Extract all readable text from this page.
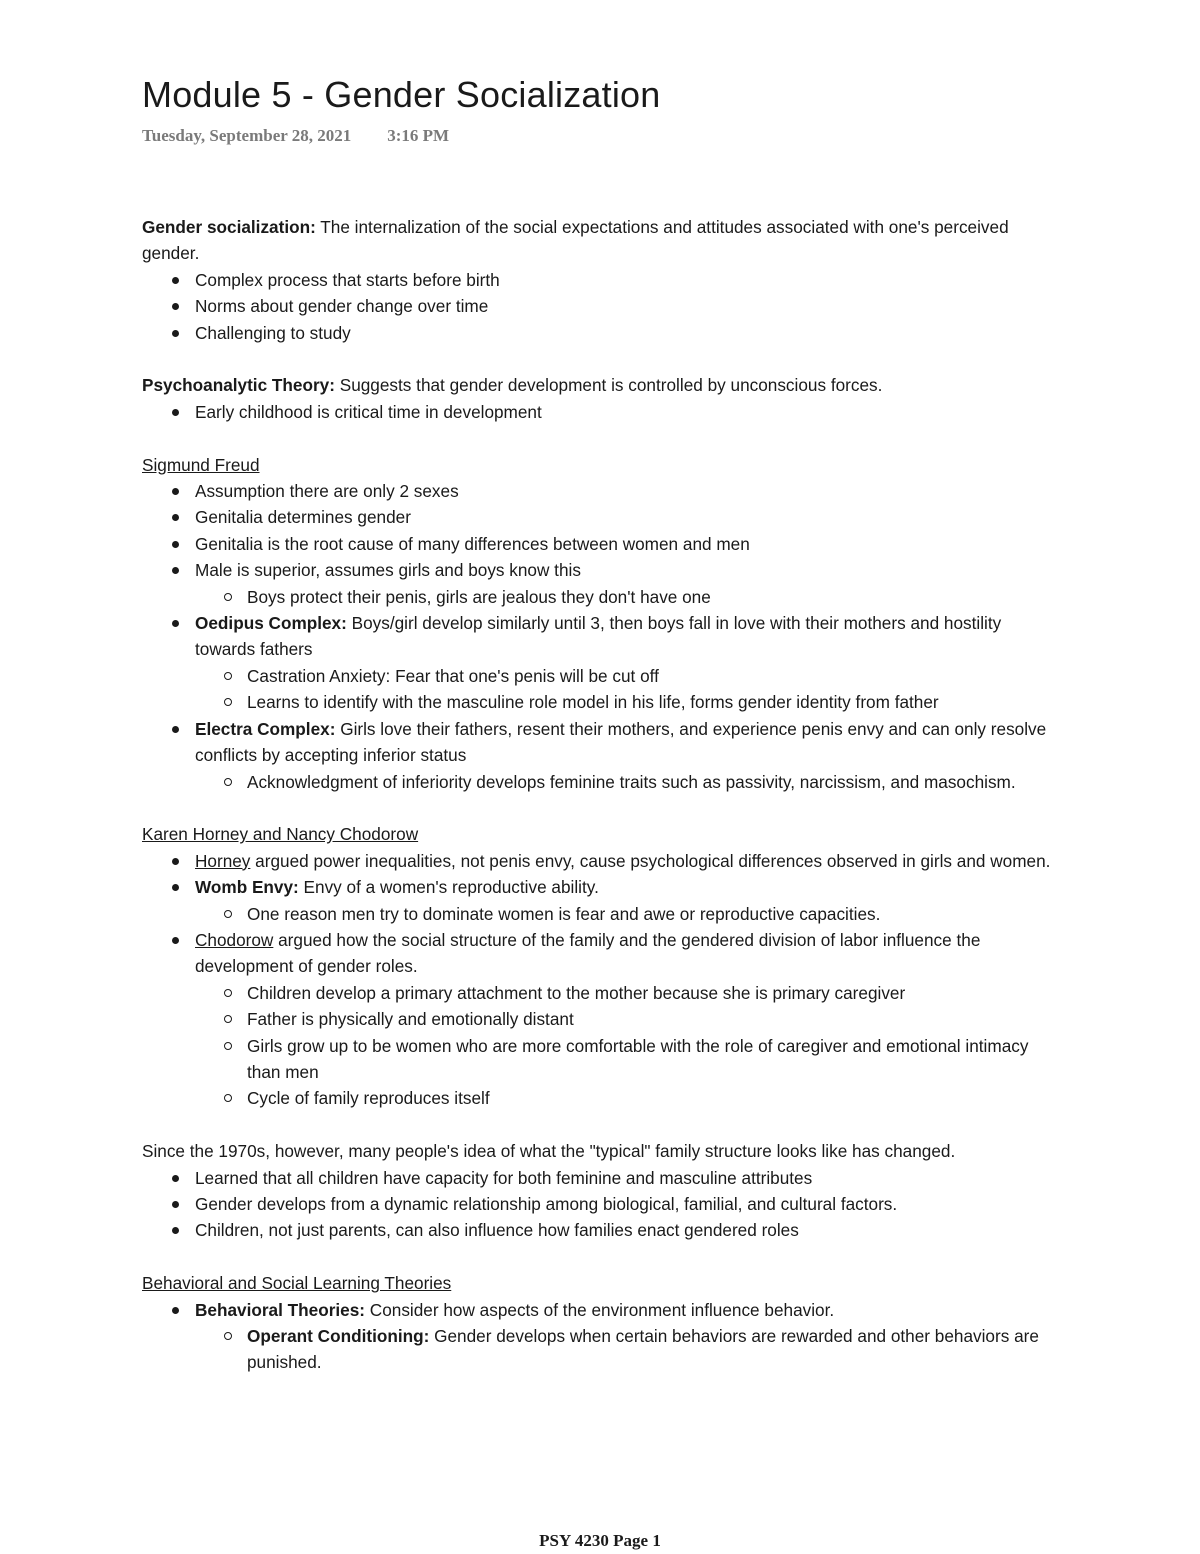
Module 5 - Gender Socialization
Tuesday, September 28, 2021 3:16 PM

Gender socialization: The internalization of the social expectations and attitudes associated with one's perceived gender.

Complex process that starts before birth
Norms about gender change over time
Challenging to study

Psychoanalytic Theory: Suggests that gender development is controlled by unconscious forces.

Early childhood is critical time in development

Sigmund Freud

Assumption there are only 2 sexes
Genitalia determines gender
Genitalia is the root cause of many differences between women and men
Male is superior, assumes girls and boys know this
Boys protect their penis, girls are jealous they don't have one
Oedipus Complex: Boys/girl develop similarly until 3, then boys fall in love with their mothers and hostility towards fathers
Castration Anxiety: Fear that one's penis will be cut off
Learns to identify with the masculine role model in his life, forms gender identity from father
Electra Complex: Girls love their fathers, resent their mothers, and experience penis envy and can only resolve conflicts by accepting inferior status
Acknowledgment of inferiority develops feminine traits such as passivity, narcissism, and masochism.

Karen Horney and Nancy Chodorow

Horney argued power inequalities, not penis envy, cause psychological differences observed in girls and women.
Womb Envy: Envy of a women's reproductive ability.
One reason men try to dominate women is fear and awe or reproductive capacities.
Chodorow argued how the social structure of the family and the gendered division of labor influence the development of gender roles.
Children develop a primary attachment to the mother because she is primary caregiver
Father is physically and emotionally distant
Girls grow up to be women who are more comfortable with the role of caregiver and emotional intimacy than men
Cycle of family reproduces itself

Since the 1970s, however, many people's idea of what the "typical" family structure looks like has changed.

Learned that all children have capacity for both feminine and masculine attributes
Gender develops from a dynamic relationship among biological, familial, and cultural factors.
Children, not just parents, can also influence how families enact gendered roles

Behavioral and Social Learning Theories

Behavioral Theories: Consider how aspects of the environment influence behavior.
Operant Conditioning: Gender develops when certain behaviors are rewarded and other behaviors are punished.
PSY 4230 Page 1
